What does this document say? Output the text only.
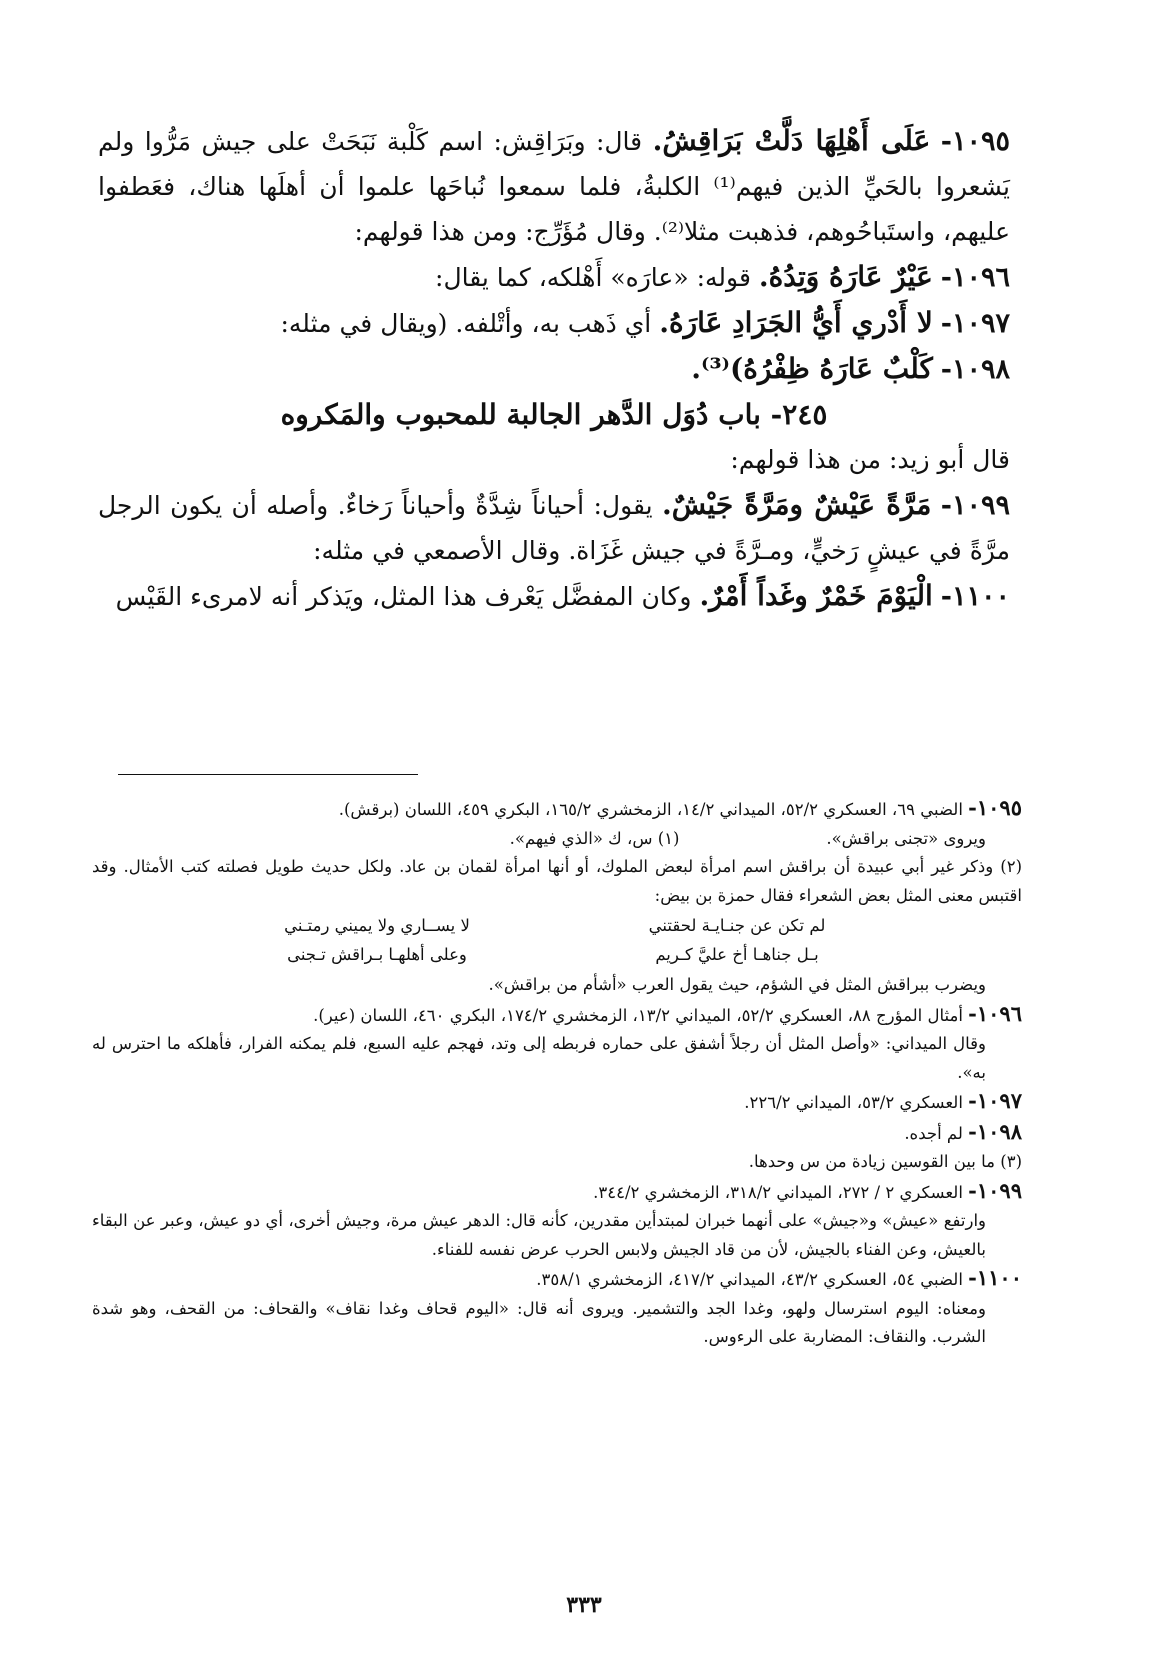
١٠٩٥- عَلَى أَهْلِهَا دَلَّتْ بَرَاقِشُ. قال: وبَرَاقِش: اسم كَلْبة نَبَحَتْ على جيش مَرُّوا ولم يَشعروا بالحَيِّ الذين فيهم⁽¹⁾ الكلبةُ، فلما سمعوا نُباحَها علموا أن أهلَها هناك، فعَطفوا عليهم، واستَباحُوهم، فذهبت مثلا⁽²⁾. وقال مُؤَرِّج: ومن هذا قولهم:

١٠٩٦- عَيْرٌ عَارَهُ وَتِدُهُ. قوله: «عارَه» أَهْلكه، كما يقال:

١٠٩٧- لا أَدْري أَيُّ الجَرَادِ عَارَهُ. أي ذَهب به، وأتْلفه. (ويقال في مثله:

١٠٩٨- كَلْبٌ عَارَهُ ظِفْرُهُ)⁽³⁾.

٢٤٥- باب دُوَل الدَّهر الجالبة للمحبوب والمَكروه

قال أبو زيد: من هذا قولهم:

١٠٩٩- مَرَّةً عَيْشٌ ومَرَّةً جَيْشٌ. يقول: أحياناً شِدَّةٌ وأحياناً رَخاءٌ. وأصله أن يكون الرجل مرَّةً في عيشٍ رَخيٍّ، ومـرَّةً في جيش غَزَاة. وقال الأصمعي في مثله:

١١٠٠- الْيَوْمَ خَمْرٌ وغَداً أَمْرٌ. وكان المفضَّل يَعْرف هذا المثل، ويَذكر أنه لامرىء القَيْس

١٠٩٥- الضبي ٦٩، العسكري ٥٢/٢، الميداني ١٤/٢، الزمخشري ١٦٥/٢، البكري ٤٥٩، اللسان (برقش).

ويروى «تجنى براقش».                            (١) س، ك «الذي فيهم».

(٢) وذكر غير أبي عبيدة أن براقش اسم امرأة لبعض الملوك، أو أنها امرأة لقمان بن عاد. ولكل حديث طويل فصلته كتب الأمثال. وقد اقتبس معنى المثل بعض الشعراء فقال حمزة بن بيض:

لم تكن عن جنـايـة لحقتني
لا يســاري ولا يميني رمتـني
بـل جناهـا أخ عليَّ كـريم
وعلى أهلهـا بـراقش تـجنى

ويضرب ببراقش المثل في الشؤم، حيث يقول العرب «أشأم من براقش».

١٠٩٦- أمثال المؤرج ٨٨، العسكري ٥٢/٢، الميداني ١٣/٢، الزمخشري ١٧٤/٢، البكري ٤٦٠، اللسان (عير).

وقال الميداني: «وأصل المثل أن رجلاً أشفق على حماره فربطه إلى وتد، فهجم عليه السبع، فلم يمكنه الفرار، فأهلكه ما احترس له به».

١٠٩٧- العسكري ٥٣/٢، الميداني ٢٢٦/٢.

١٠٩٨- لم أجده.

(٣) ما بين القوسين زيادة من س وحدها.

١٠٩٩- العسكري ٢ / ٢٧٢، الميداني ٣١٨/٢، الزمخشري ٣٤٤/٢.

وارتفع «عيش» و«جيش» على أنهما خبران لمبتدأين مقدرين، كأنه قال: الدهر عيش مرة، وجيش أخرى، أي دو عيش، وعبر عن البقاء بالعيش، وعن الفناء بالجيش، لأن من قاد الجيش ولابس الحرب عرض نفسه للفناء.

١١٠٠- الضبي ٥٤، العسكري ٤٣/٢، الميداني ٤١٧/٢، الزمخشري ٣٥٨/١.

ومعناه: اليوم استرسال ولهو، وغدا الجد والتشمير. ويروى أنه قال: «اليوم قحاف وغدا نقاف» والقحاف: من القحف، وهو شدة الشرب. والنقاف: المضاربة على الرءوس.

٣٣٣
